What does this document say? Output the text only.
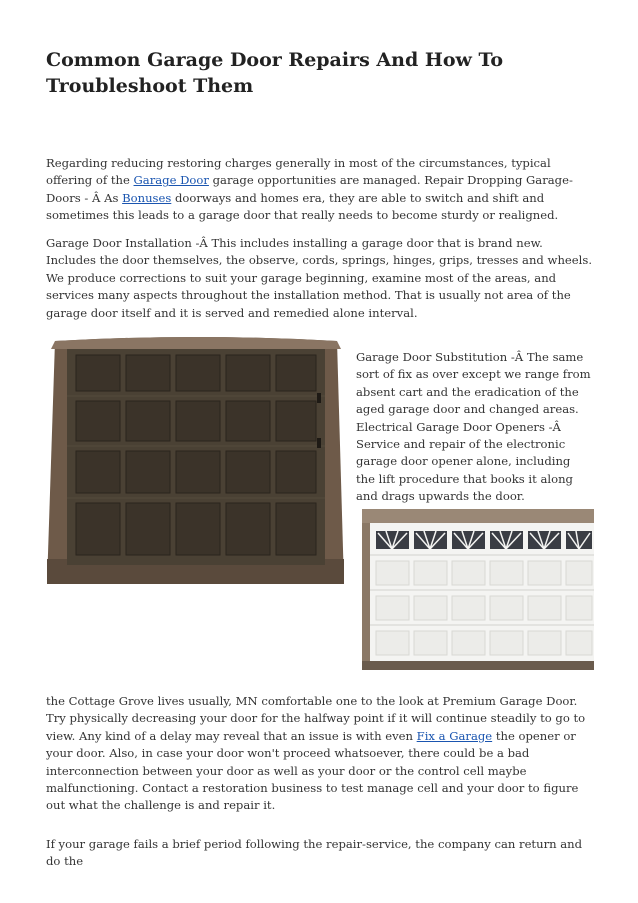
Common Garage Door Repairs And How To Troubleshoot Them

Regarding reducing restoring charges generally in most of the circumstances, typical offering of the Garage Door garage opportunities are managed. Repair Dropping Garage-Doors - Â As Bonuses doorways and homes era, they are able to switch and shift and sometimes this leads to a garage door that really needs to become sturdy or realigned.

Garage Door Installation -Â This includes installing a garage door that is brand new. Includes the door themselves, the observe, cords, springs, hinges, grips, tresses and wheels. We produce corrections to suit your garage beginning, examine most of the areas, and services many aspects throughout the installation method. That is usually not area of the garage door itself and it is served and remedied alone interval.

Garage Door Substitution -Â The same sort of fix as over except we range from absent cart and the eradication of the aged garage door and changed areas. Electrical Garage Door Openers -Â Service and repair of the electronic garage door opener alone, including the lift procedure that books it along and drags upwards the door.

the Cottage Grove lives usually, MN comfortable one to the look at Premium Garage Door. Try physically decreasing your door for the halfway point if it will continue steadily to go to view. Any kind of a delay may reveal that an issue is with even Fix a Garage the opener or your door. Also, in case your door won't proceed whatsoever, there could be a bad interconnection between your door as well as your door or the control cell maybe malfunctioning. Contact a restoration business to test manage cell and your door to figure out what the challenge is and repair it.

If your garage fails a brief period following the repair-service, the company can return and do the
